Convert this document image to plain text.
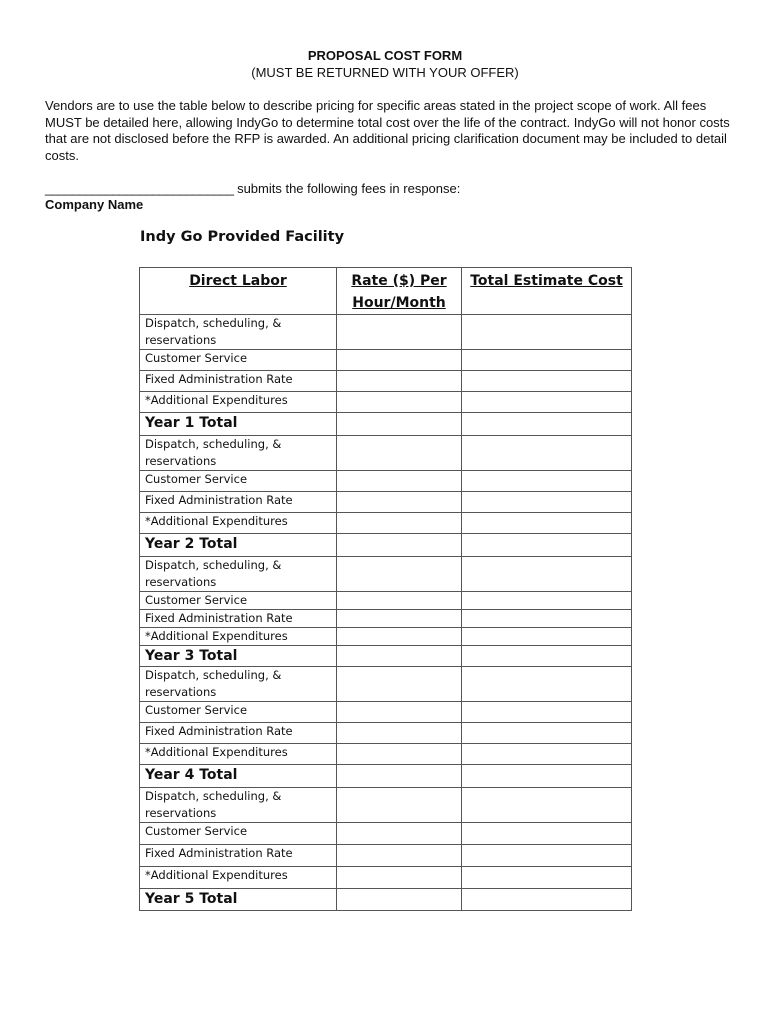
PROPOSAL COST FORM
(MUST BE RETURNED WITH YOUR OFFER)
Vendors are to use the table below to describe pricing for specific areas stated in the project scope of work. All fees MUST be detailed here, allowing IndyGo to determine total cost over the life of the contract. IndyGo will not honor costs that are not disclosed before the RFP is awarded. An additional pricing clarification document may be included to detail costs.
____________________________ submits the following fees in response:
Company Name
Indy Go Provided Facility
Direct Labor	Rate ($) Per Hour/Month	Total Estimate Cost
Dispatch, scheduling, & reservations		
Customer Service		
Fixed Administration Rate		
*Additional Expenditures		
Year 1 Total		
Dispatch, scheduling, & reservations		
Customer Service		
Fixed Administration Rate		
*Additional Expenditures		
Year 2 Total		
Dispatch, scheduling, & reservations		
Customer Service		
Fixed Administration Rate		
*Additional Expenditures		
Year 3 Total		
Dispatch, scheduling, & reservations		
Customer Service		
Fixed Administration Rate		
*Additional Expenditures		
Year 4 Total		
Dispatch, scheduling, & reservations		
Customer Service		
Fixed Administration Rate		
*Additional Expenditures		
Year 5 Total		
